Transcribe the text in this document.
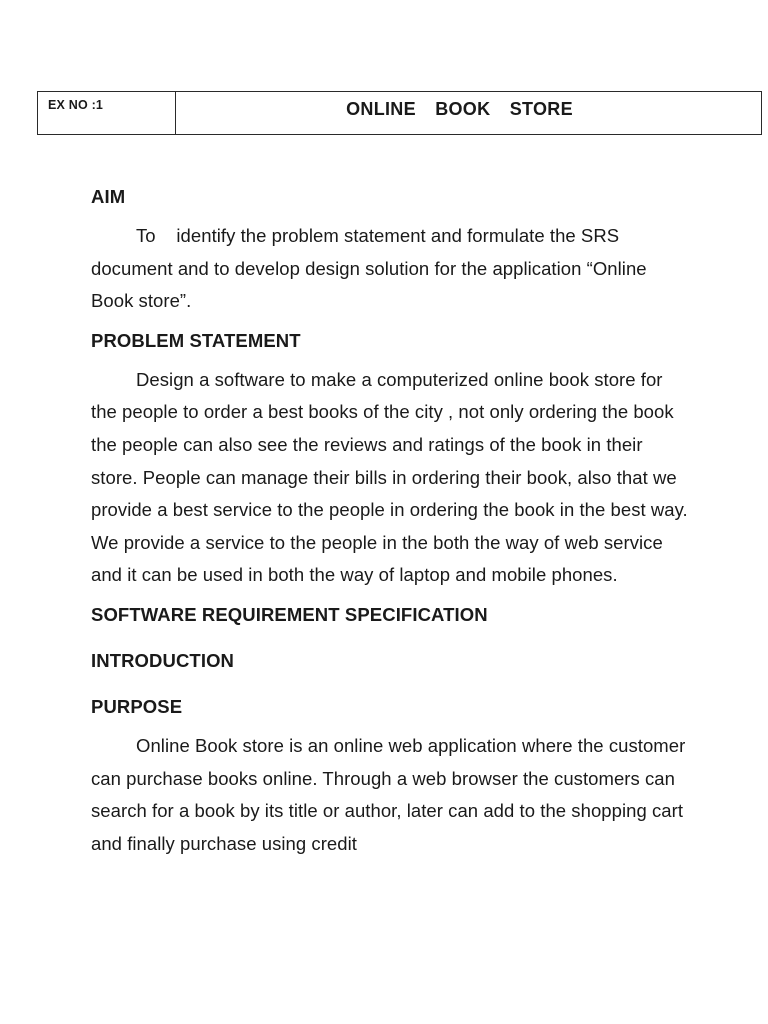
EX NO :1	ONLINE BOOK STORE

AIM

To    identify the problem statement and formulate the SRS document and to develop design solution for the application “Online Book store”.

PROBLEM STATEMENT

Design a software to make a computerized online book store for the people to order a best books of the city , not only ordering the book the people can also see the reviews and ratings of the book in their store. People can manage their bills in ordering their book, also that we provide a best service to the people in ordering the book in the best way. We provide a service to the people in the both the way of web service and it can be used in both the way of laptop and mobile phones.

SOFTWARE REQUIREMENT SPECIFICATION

INTRODUCTION

PURPOSE

Online Book store is an online web application where the customer can purchase books online. Through a web browser the customers can search for a book by its title or author, later can add to the shopping cart and finally purchase using credit
